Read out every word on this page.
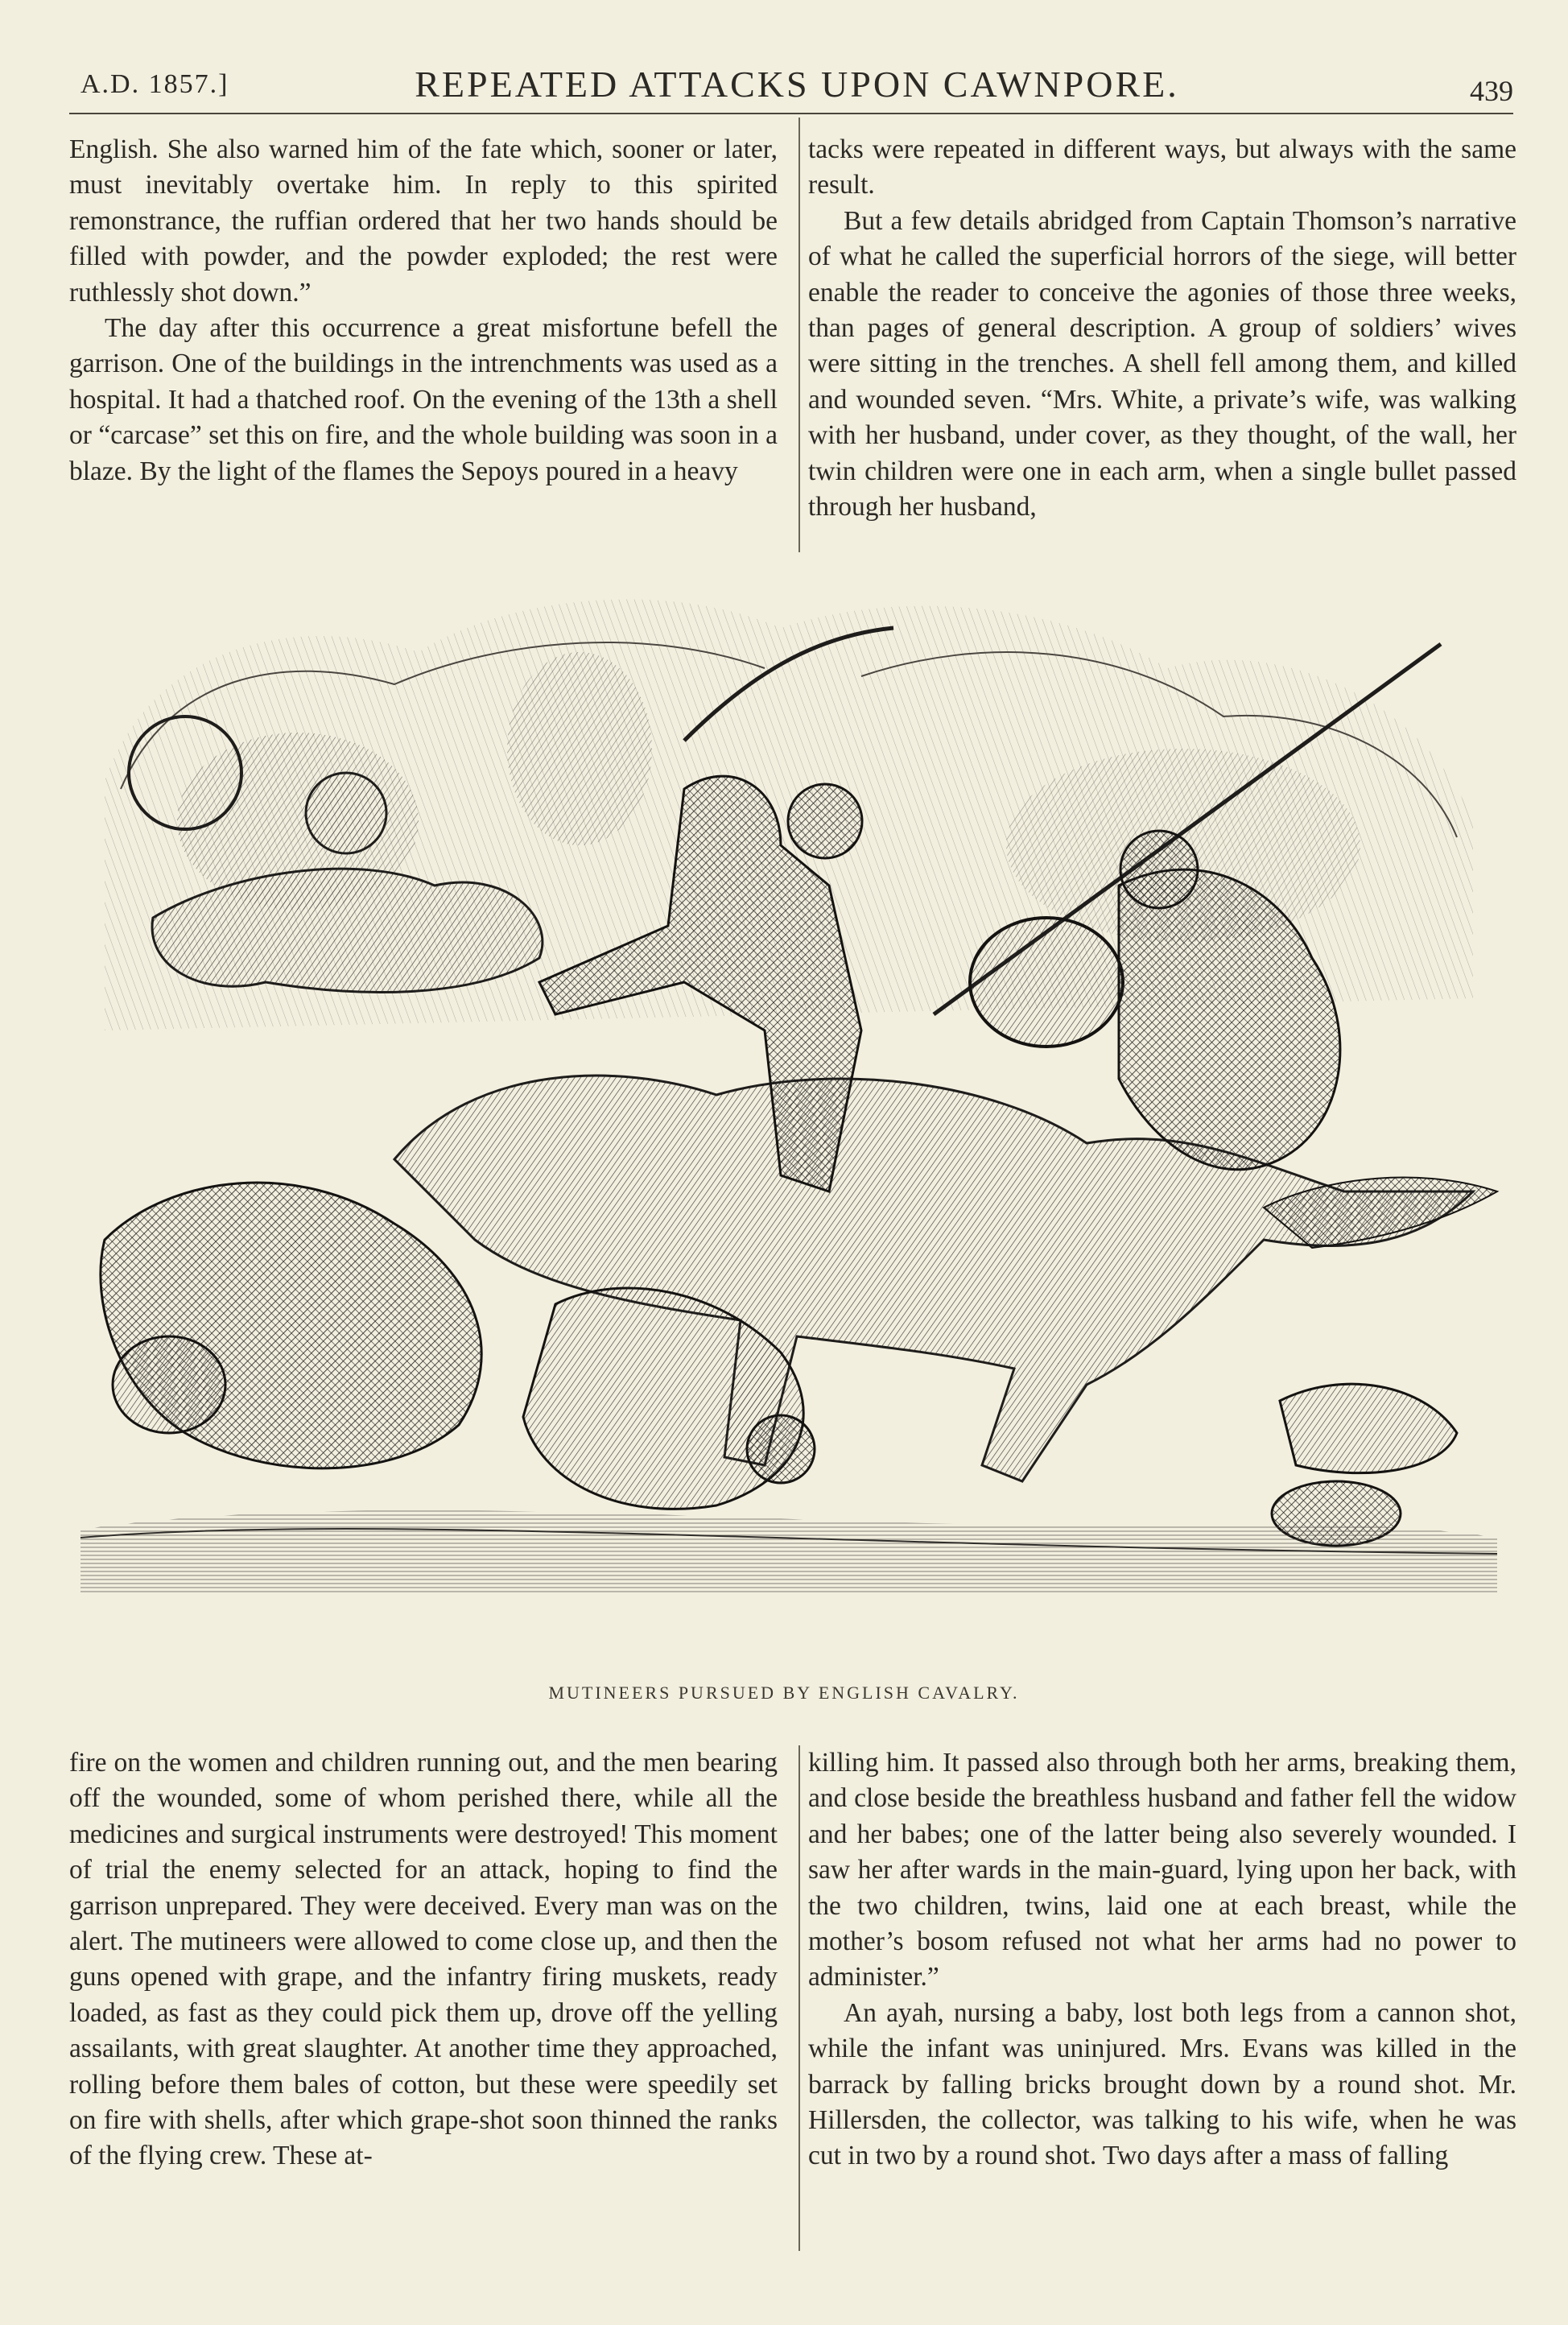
A.D. 1857.]	REPEATED ATTACKS UPON CAWNPORE.	439

English. She also warned him of the fate which, sooner or later, must inevitably overtake him. In reply to this spirited remonstrance, the ruffian ordered that her two hands should be filled with powder, and the powder exploded; the rest were ruthlessly shot down.”

The day after this occurrence a great misfortune befell the garrison. One of the buildings in the intrenchments was used as a hospital. It had a thatched roof. On the evening of the 13th a shell or “carcase” set this on fire, and the whole building was soon in a blaze. By the light of the flames the Sepoys poured in a heavy

tacks were repeated in different ways, but always with the same result.

But a few details abridged from Captain Thomson’s narrative of what he called the superficial horrors of the siege, will better enable the reader to conceive the agonies of those three weeks, than pages of general description. A group of soldiers’ wives were sitting in the trenches. A shell fell among them, and killed and wounded seven. “Mrs. White, a private’s wife, was walking with her husband, under cover, as they thought, of the wall, her twin children were one in each arm, when a single bullet passed through her husband,

MUTINEERS PURSUED BY ENGLISH CAVALRY.

fire on the women and children running out, and the men bearing off the wounded, some of whom perished there, while all the medicines and surgical instruments were destroyed! This moment of trial the enemy selected for an attack, hoping to find the garrison unprepared. They were deceived. Every man was on the alert. The mutineers were allowed to come close up, and then the guns opened with grape, and the infantry firing muskets, ready loaded, as fast as they could pick them up, drove off the yelling assailants, with great slaughter. At another time they approached, rolling before them bales of cotton, but these were speedily set on fire with shells, after which grape-shot soon thinned the ranks of the flying crew. These at-

killing him. It passed also through both her arms, breaking them, and close beside the breathless husband and father fell the widow and her babes; one of the latter being also severely wounded. I saw her after wards in the main-guard, lying upon her back, with the two children, twins, laid one at each breast, while the mother’s bosom refused not what her arms had no power to administer.”

An ayah, nursing a baby, lost both legs from a cannon shot, while the infant was uninjured. Mrs. Evans was killed in the barrack by falling bricks brought down by a round shot. Mr. Hillersden, the collector, was talking to his wife, when he was cut in two by a round shot. Two days after a mass of falling
